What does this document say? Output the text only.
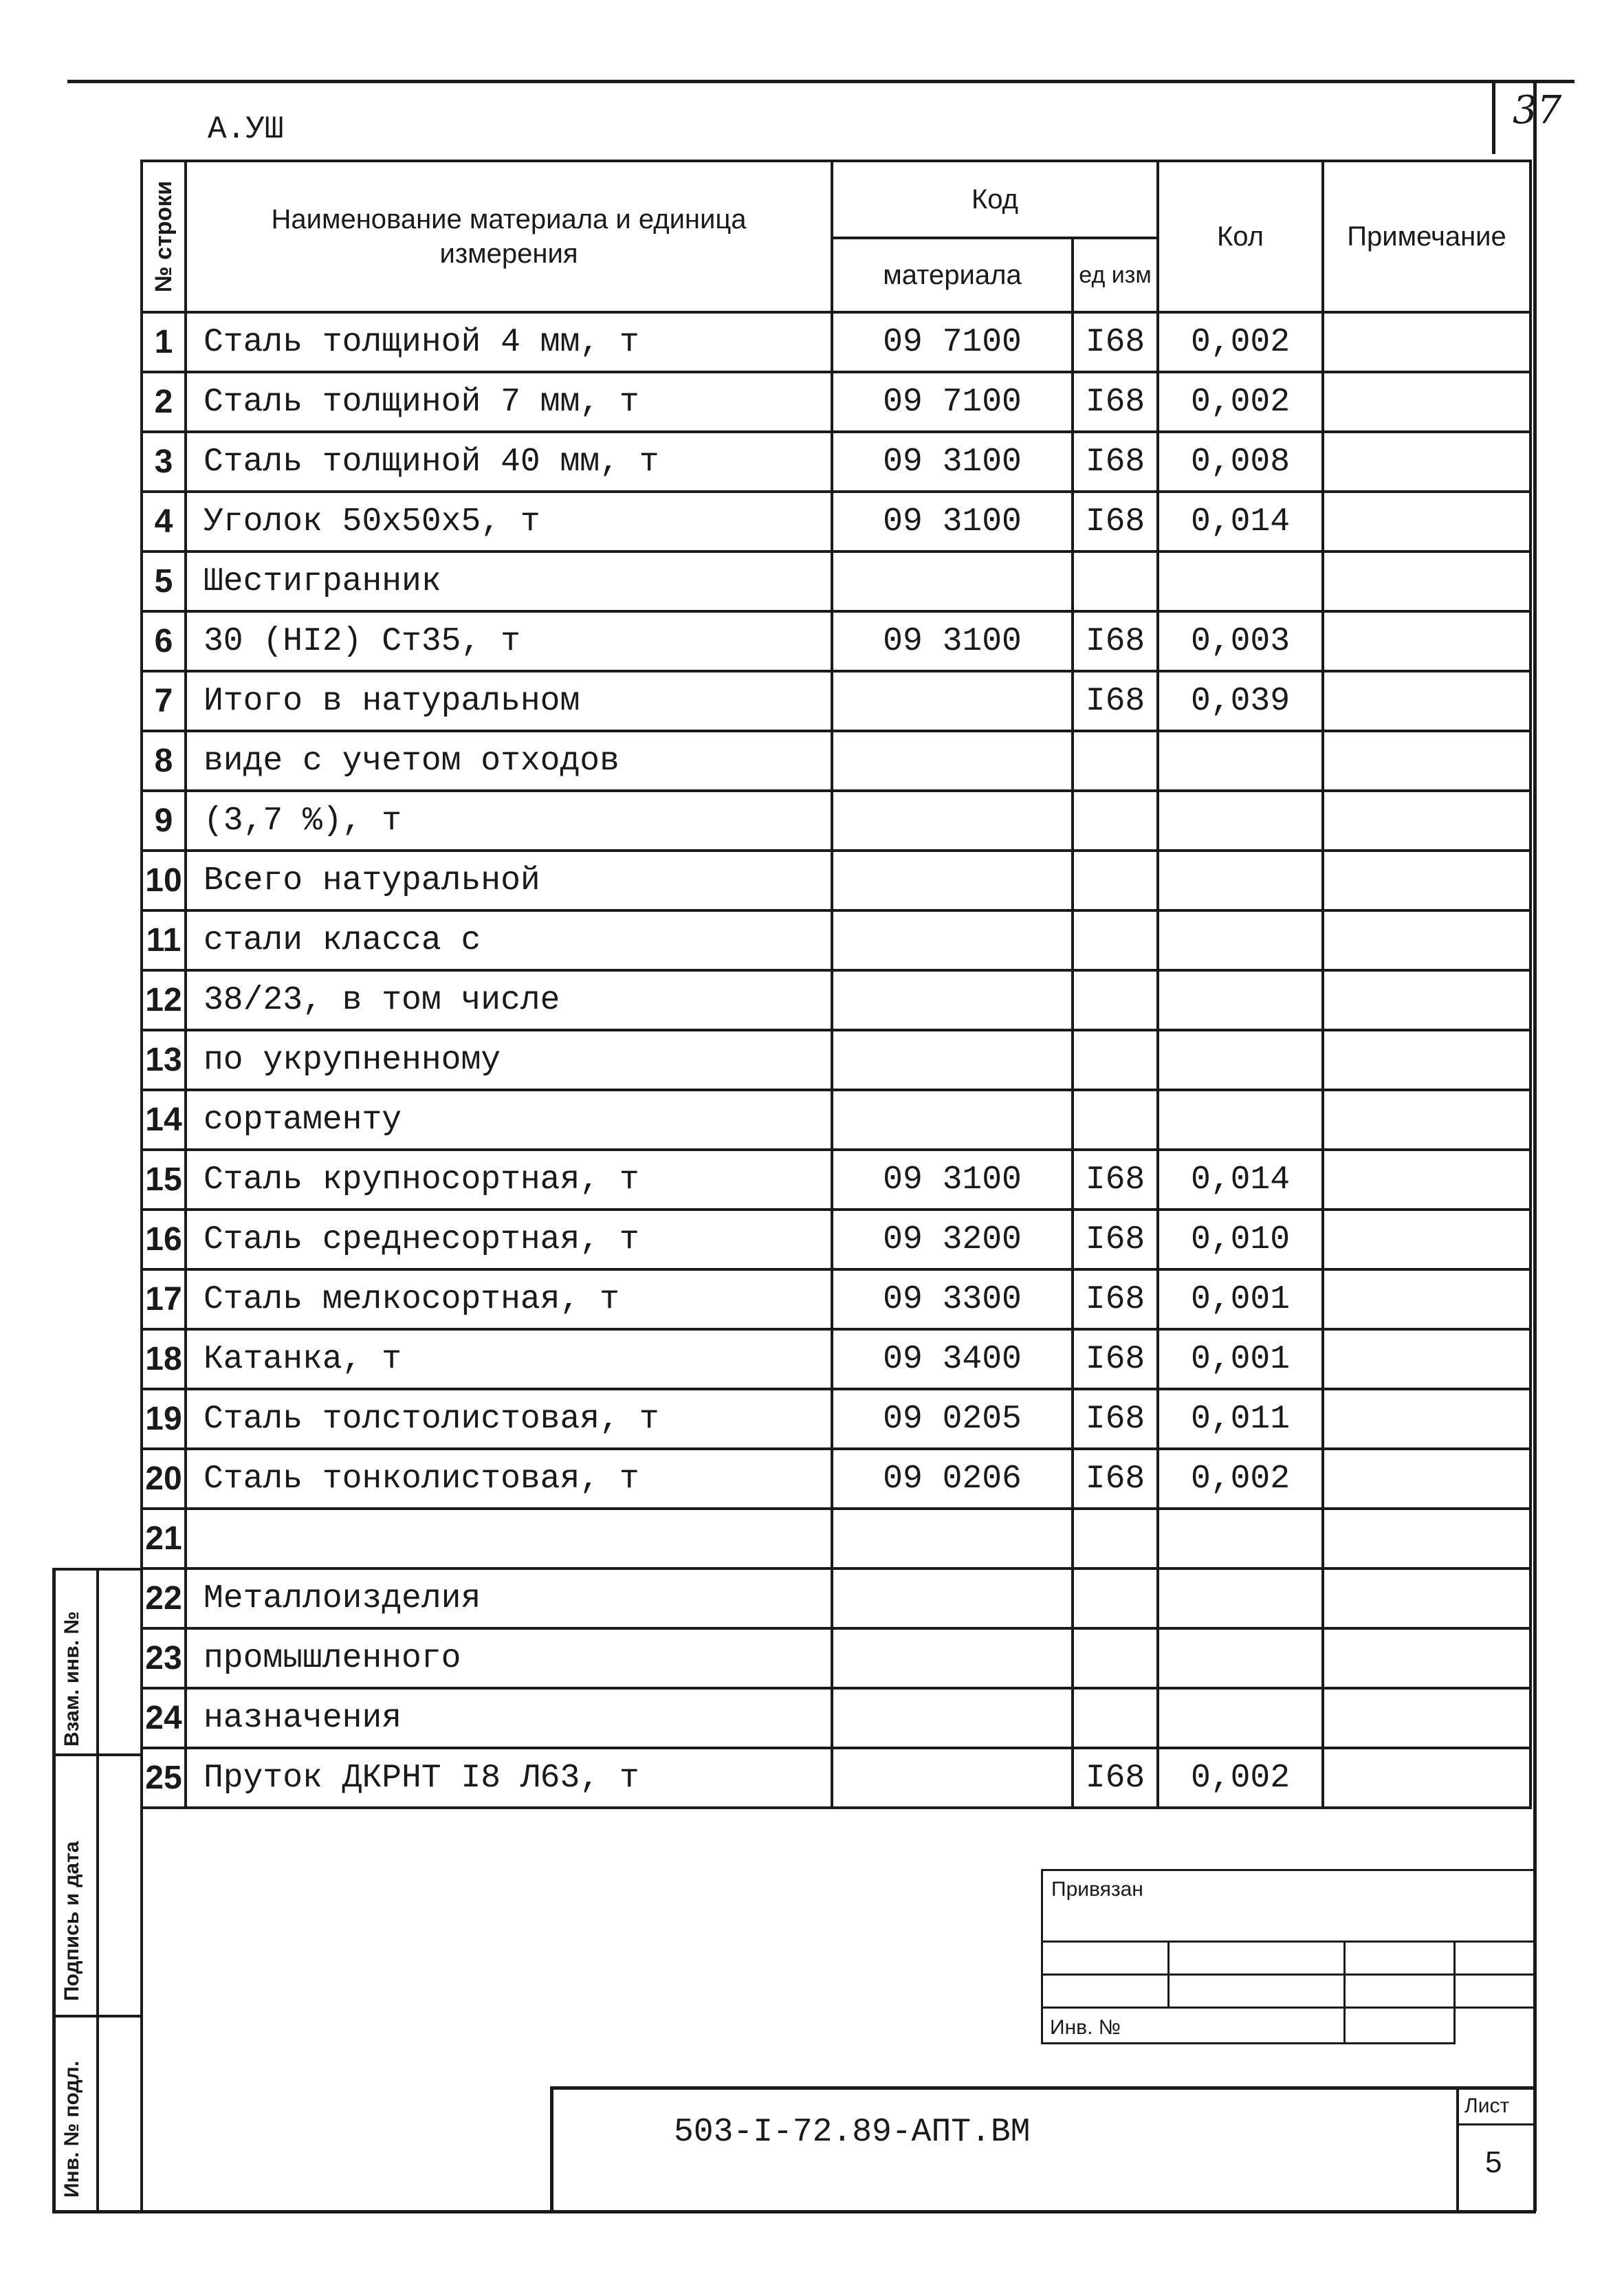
37
А.УШ
№ строки	Наименование материала и единица измерения	Код		Кол	Примечание
		материала	ед изм		
1	Сталь толщиной 4 мм, т	09 7100	I68	0,002	
2	Сталь толщиной 7 мм, т	09 7100	I68	0,002	
3	Сталь толщиной 40 мм, т	09 3100	I68	0,008	
4	Уголок 50х50х5, т	09 3100	I68	0,014	
5	Шестигранник				
6	30 (HI2) Ст35, т	09 3100	I68	0,003	
7	Итого в натуральном		I68	0,039	
8	виде с учетом отходов				
9	(3,7 %), т				
10	Всего натуральной				
11	стали класса с				
12	38/23, в том числе				
13	по укрупненному				
14	сортаменту				
15	Сталь крупносортная, т	09 3100	I68	0,014	
16	Сталь среднесортная, т	09 3200	I68	0,010	
17	Сталь мелкосортная, т	09 3300	I68	0,001	
18	Катанка, т	09 3400	I68	0,001	
19	Сталь толстолистовая, т	09 0205	I68	0,011	
20	Сталь тонколистовая, т	09 0206	I68	0,002	
21					
22	Металлоизделия				
23	промышленного				
24	назначения				
25	Пруток ДКРНТ I8 Л63, т		I68	0,002	
Взам. инв. №
Подпись и дата
Инв. № подл.
Привязан			

Инв. №			
503-I-72.89-АПТ.ВМ
Лист
5
